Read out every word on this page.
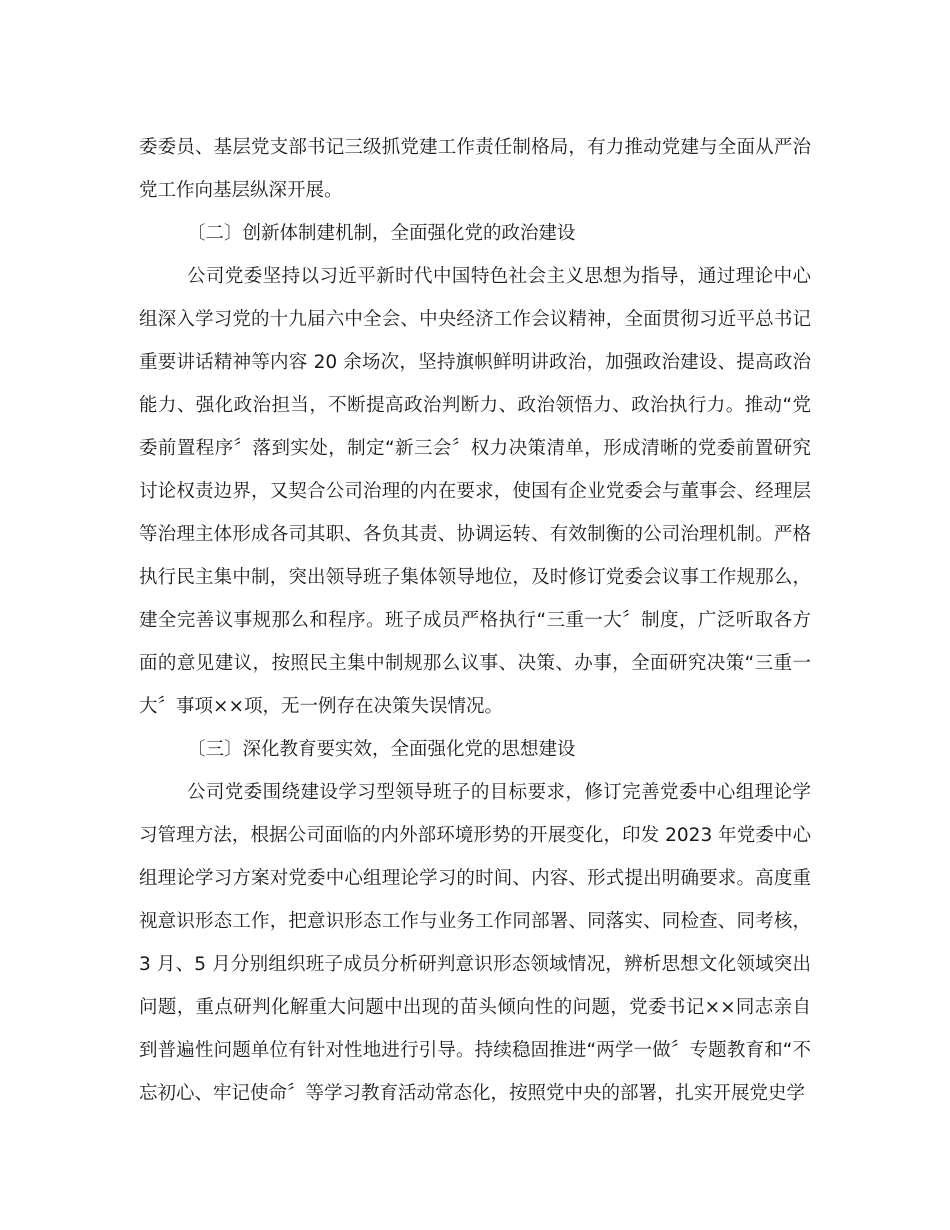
委委员、基层党支部书记三级抓党建工作责任制格局，有力推动党建与全面从严治党工作向基层纵深开展。

〔二〕创新体制建机制，全面强化党的政治建设

公司党委坚持以习近平新时代中国特色社会主义思想为指导，通过理论中心组深入学习党的十九届六中全会、中央经济工作会议精神，全面贯彻习近平总书记重要讲话精神等内容 20 余场次，坚持旗帜鲜明讲政治，加强政治建设、提高政治能力、强化政治担当，不断提高政治判断力、政治领悟力、政治执行力。推动“党委前置程序〞落到实处，制定“新三会〞权力决策清单，形成清晰的党委前置研究讨论权责边界，又契合公司治理的内在要求，使国有企业党委会与董事会、经理层等治理主体形成各司其职、各负其责、协调运转、有效制衡的公司治理机制。严格执行民主集中制，突出领导班子集体领导地位，及时修订党委会议事工作规那么，建全完善议事规那么和程序。班子成员严格执行“三重一大〞制度，广泛听取各方面的意见建议，按照民主集中制规那么议事、决策、办事，全面研究决策“三重一大〞事项××项，无一例存在决策失误情况。

〔三〕深化教育要实效，全面强化党的思想建设

公司党委围绕建设学习型领导班子的目标要求，修订完善党委中心组理论学习管理方法，根据公司面临的内外部环境形势的开展变化，印发 2023 年党委中心组理论学习方案对党委中心组理论学习的时间、内容、形式提出明确要求。高度重视意识形态工作，把意识形态工作与业务工作同部署、同落实、同检查、同考核，3 月、5 月分别组织班子成员分析研判意识形态领域情况，辨析思想文化领域突出问题，重点研判化解重大问题中出现的苗头倾向性的问题，党委书记××同志亲自到普遍性问题单位有针对性地进行引导。持续稳固推进“两学一做〞专题教育和“不忘初心、牢记使命〞等学习教育活动常态化，按照党中央的部署，扎实开展党史学
